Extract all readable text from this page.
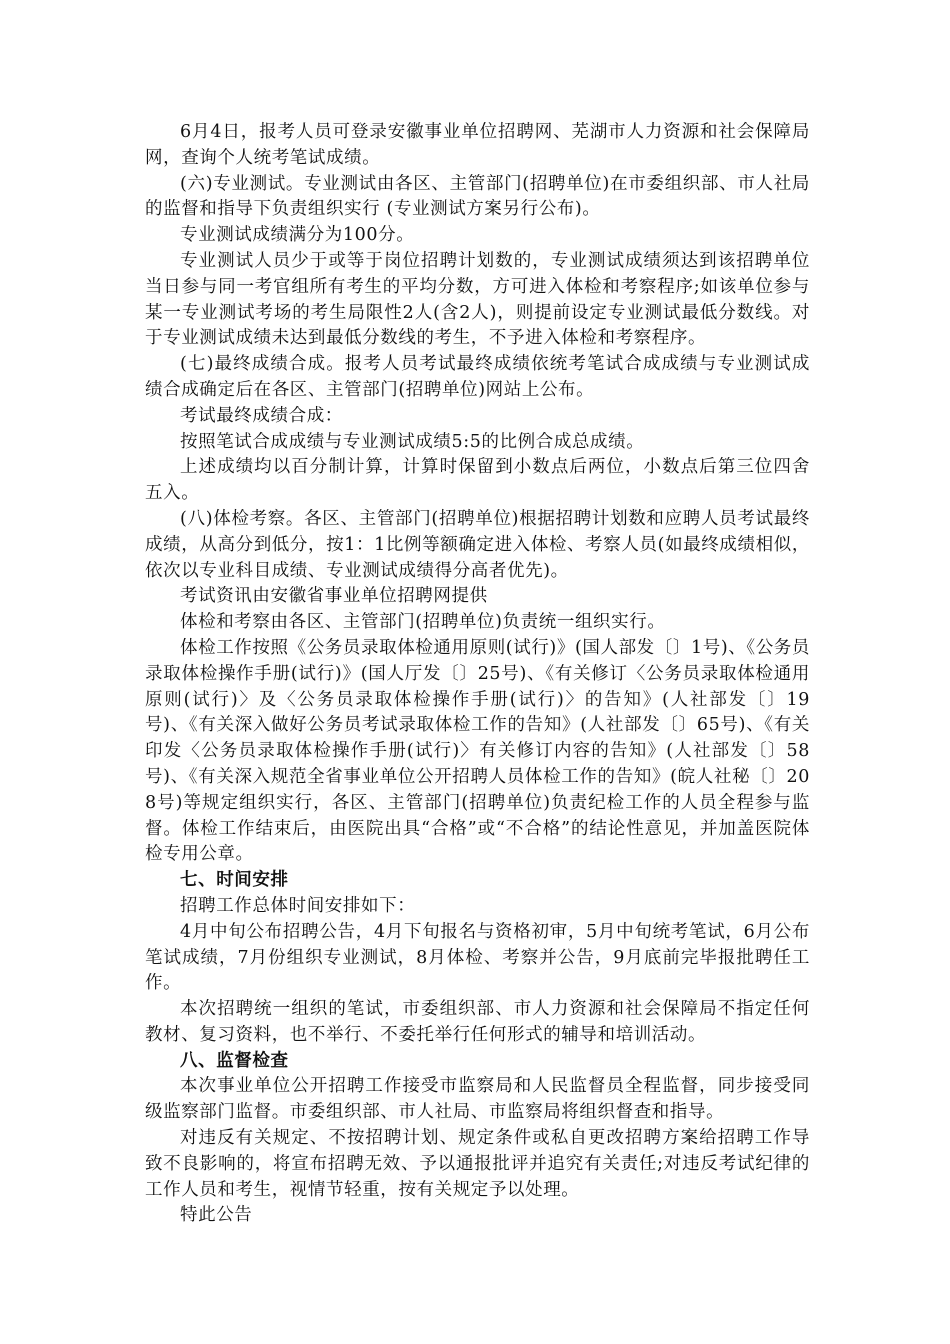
6月4日，报考人员可登录安徽事业单位招聘网、芜湖市人力资源和社会保障局网，查询个人统考笔试成绩。

(六)专业测试。专业测试由各区、主管部门(招聘单位)在市委组织部、市人社局的监督和指导下负责组织实行 (专业测试方案另行公布)。

专业测试成绩满分为100分。

专业测试人员少于或等于岗位招聘计划数的，专业测试成绩须达到该招聘单位当日参与同一考官组所有考生的平均分数，方可进入体检和考察程序;如该单位参与某一专业测试考场的考生局限性2人(含2人)，则提前设定专业测试最低分数线。对于专业测试成绩未达到最低分数线的考生，不予进入体检和考察程序。

(七)最终成绩合成。报考人员考试最终成绩依统考笔试合成成绩与专业测试成绩合成确定后在各区、主管部门(招聘单位)网站上公布。

考试最终成绩合成：

按照笔试合成成绩与专业测试成绩5:5的比例合成总成绩。

上述成绩均以百分制计算，计算时保留到小数点后两位，小数点后第三位四舍五入。

(八)体检考察。各区、主管部门(招聘单位)根据招聘计划数和应聘人员考试最终成绩，从高分到低分，按1：1比例等额确定进入体检、考察人员(如最终成绩相似，依次以专业科目成绩、专业测试成绩得分高者优先)。

考试资讯由安徽省事业单位招聘网提供

体检和考察由各区、主管部门(招聘单位)负责统一组织实行。

体检工作按照《公务员录取体检通用原则(试行)》(国人部发〔〕1号)、《公务员录取体检操作手册(试行)》(国人厅发〔〕25号)、《有关修订〈公务员录取体检通用原则(试行)〉及〈公务员录取体检操作手册(试行)〉的告知》(人社部发〔〕19号)、《有关深入做好公务员考试录取体检工作的告知》(人社部发〔〕65号)、《有关印发〈公务员录取体检操作手册(试行)〉有关修订内容的告知》(人社部发〔〕58号)、《有关深入规范全省事业单位公开招聘人员体检工作的告知》(皖人社秘〔〕208号)等规定组织实行，各区、主管部门(招聘单位)负责纪检工作的人员全程参与监督。体检工作结束后，由医院出具“合格”或“不合格”的结论性意见，并加盖医院体检专用公章。

七、时间安排

招聘工作总体时间安排如下：

4月中旬公布招聘公告，4月下旬报名与资格初审，5月中旬统考笔试，6月公布笔试成绩，7月份组织专业测试，8月体检、考察并公告，9月底前完毕报批聘任工作。

本次招聘统一组织的笔试，市委组织部、市人力资源和社会保障局不指定任何教材、复习资料，也不举行、不委托举行任何形式的辅导和培训活动。

八、监督检查

本次事业单位公开招聘工作接受市监察局和人民监督员全程监督，同步接受同级监察部门监督。市委组织部、市人社局、市监察局将组织督查和指导。

对违反有关规定、不按招聘计划、规定条件或私自更改招聘方案给招聘工作导致不良影响的，将宣布招聘无效、予以通报批评并追究有关责任;对违反考试纪律的工作人员和考生，视情节轻重，按有关规定予以处理。

特此公告
